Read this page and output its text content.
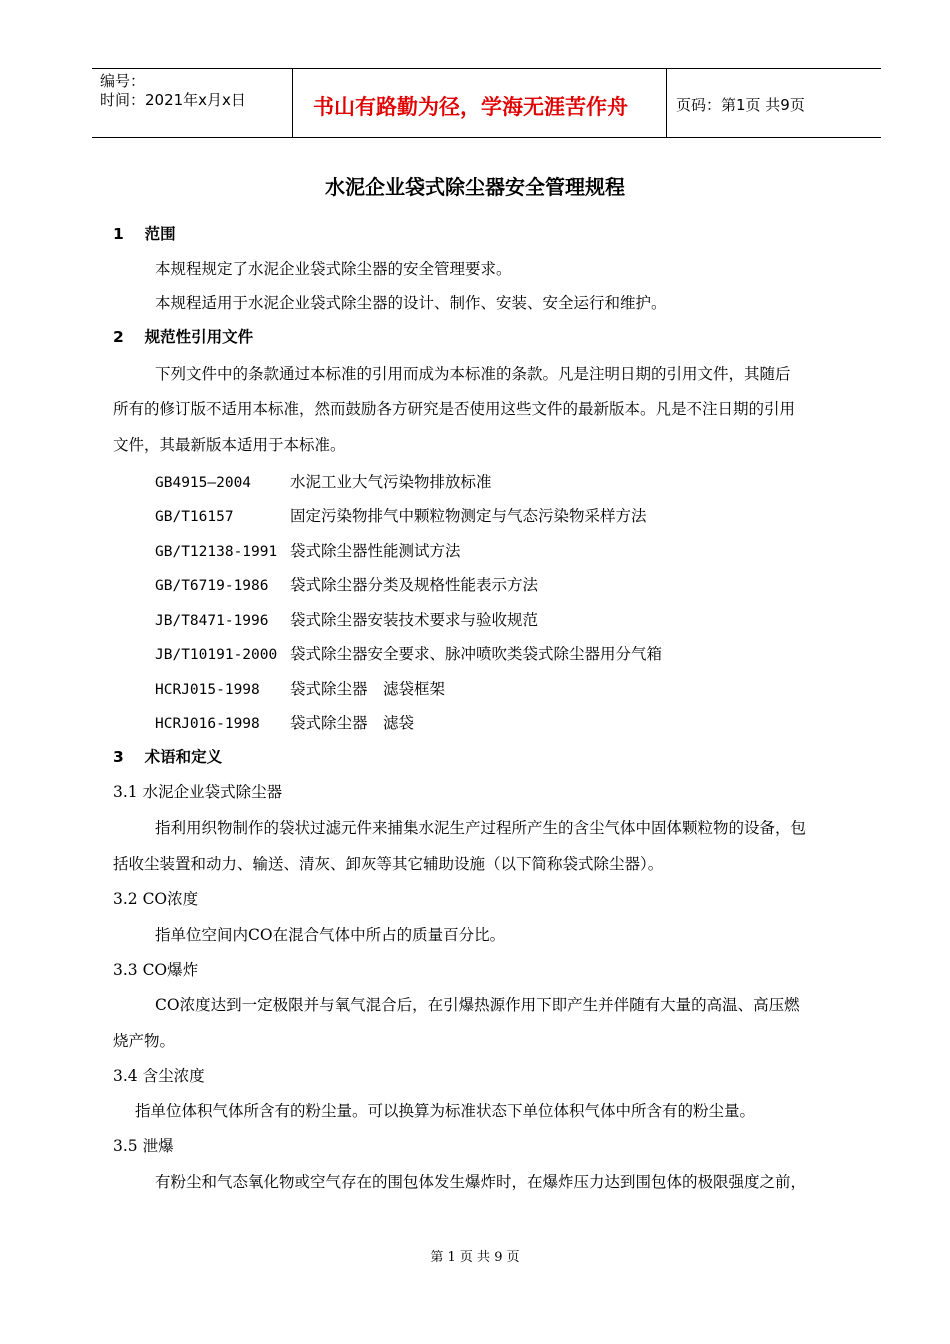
编号：
时间：2021年x月x日	书山有路勤为径，学海无涯苦作舟	页码：第1页 共9页
水泥企业袋式除尘器安全管理规程
1　 范围
本规程规定了水泥企业袋式除尘器的安全管理要求。
本规程适用于水泥企业袋式除尘器的设计、制作、安装、安全运行和维护。
2　 规范性引用文件
下列文件中的条款通过本标准的引用而成为本标准的条款。凡是注明日期的引用文件，其随后
所有的修订版不适用本标准，然而鼓励各方研究是否使用这些文件的最新版本。凡是不注日期的引用
文件，其最新版本适用于本标准。
GB4915—2004	水泥工业大气污染物排放标准
GB/T16157	固定污染物排气中颗粒物测定与气态污染物采样方法
GB/T12138-1991 袋式除尘器性能测试方法
GB/T6719-1986 袋式除尘器分类及规格性能表示方法
JB/T8471-1996 袋式除尘器安装技术要求与验收规范
JB/T10191-2000 袋式除尘器安全要求、脉冲喷吹类袋式除尘器用分气箱
HCRJ015-1998 袋式除尘器　滤袋框架
HCRJ016-1998 袋式除尘器　滤袋
3　 术语和定义
3.1 水泥企业袋式除尘器
指利用织物制作的袋状过滤元件来捕集水泥生产过程所产生的含尘气体中固体颗粒物的设备，包
括收尘装置和动力、输送、清灰、卸灰等其它辅助设施（以下简称袋式除尘器）。
3.2 CO浓度
指单位空间内CO在混合气体中所占的质量百分比。
3.3 CO爆炸
CO浓度达到一定极限并与氧气混合后，在引爆热源作用下即产生并伴随有大量的高温、高压燃
烧产物。
3.4 含尘浓度
指单位体积气体所含有的粉尘量。可以换算为标准状态下单位体积气体中所含有的粉尘量。
3.5 泄爆
有粉尘和气态氧化物或空气存在的围包体发生爆炸时，在爆炸压力达到围包体的极限强度之前，
第 1 页 共 9 页
